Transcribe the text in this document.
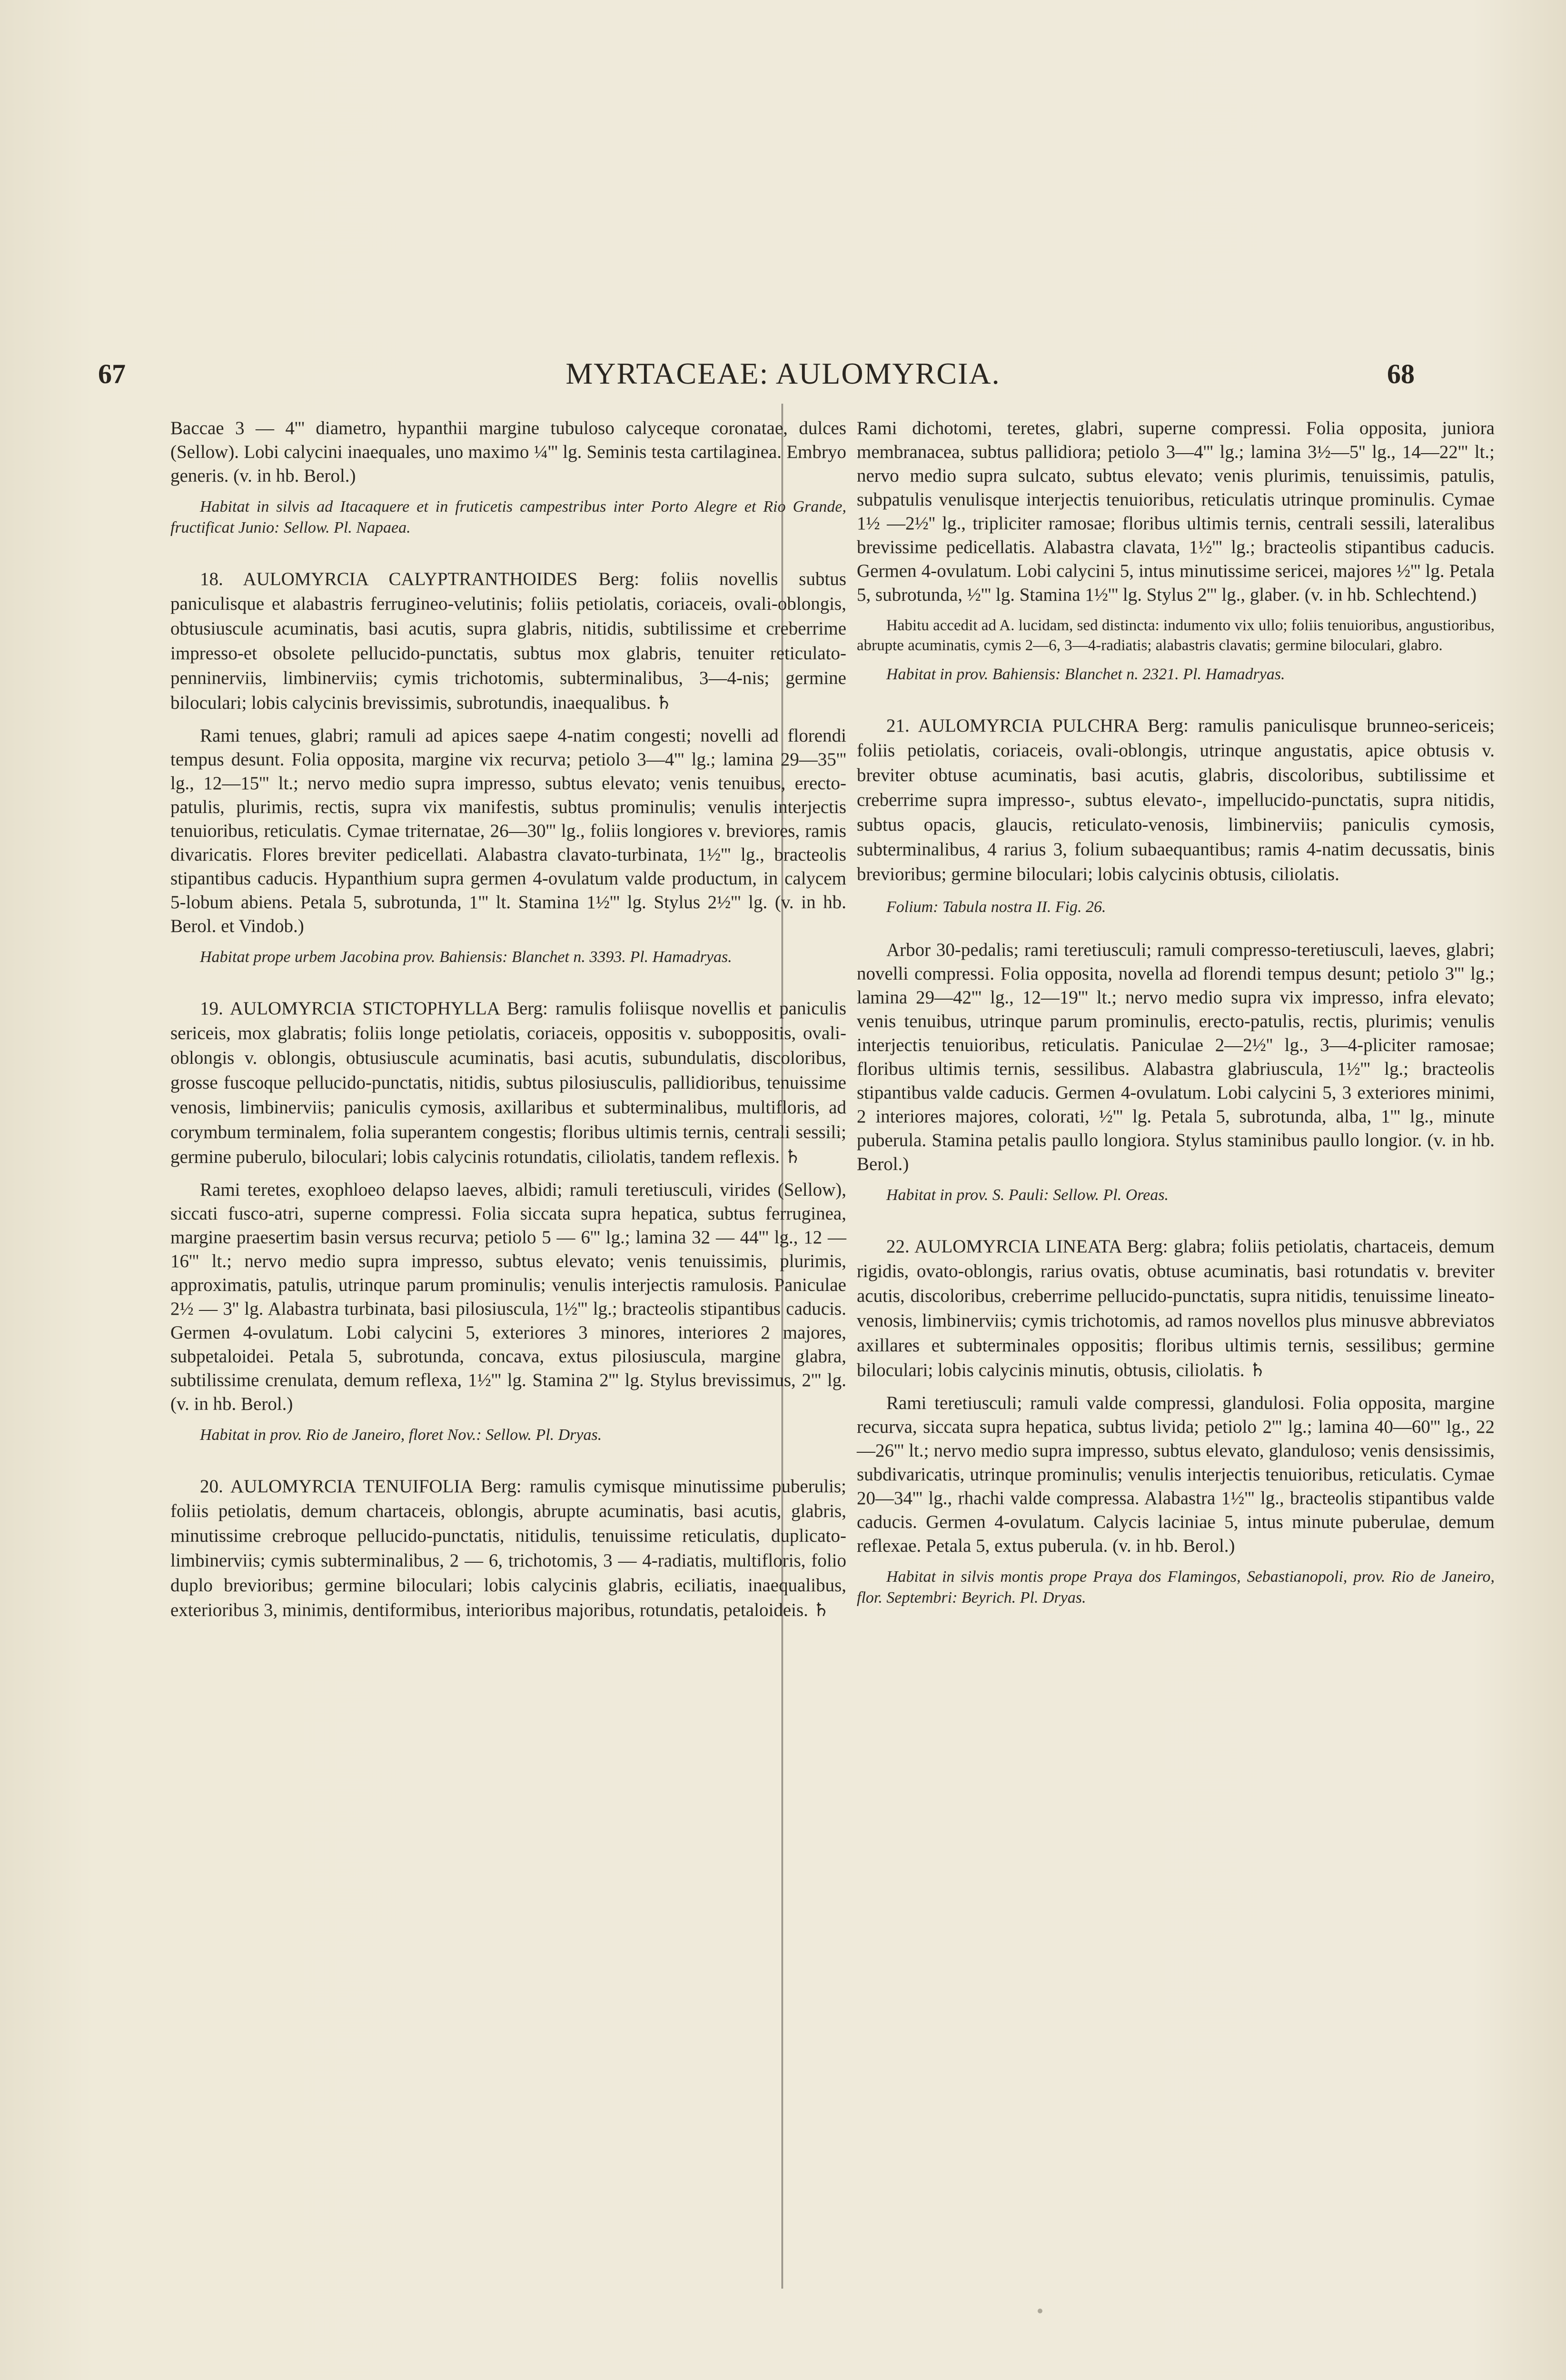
67	MYRTACEAE: AULOMYRCIA.	68

Baccae 3 — 4''' diametro, hypanthii margine tubuloso calyceque coronatae, dulces (Sellow). Lobi calycini inaequales, uno maximo ¼''' lg. Seminis testa cartilaginea. Embryo generis. (v. in hb. Berol.)

Habitat in silvis ad Itacaquere et in fruticetis campestribus inter Porto Alegre et Rio Grande, fructificat Junio: Sellow. Pl. Napaea.

18. AULOMYRCIA CALYPTRANTHOIDES Berg: foliis novellis subtus paniculisque et alabastris ferrugineo-velutinis; foliis petiolatis, coriaceis, ovali-oblongis, obtusiuscule acuminatis, basi acutis, supra glabris, nitidis, subtilissime et creberrime impresso-et obsolete pellucido-punctatis, subtus mox glabris, tenuiter reticulato-penninerviis, limbinerviis; cymis trichotomis, subterminalibus, 3—4-nis; germine biloculari; lobis calycinis brevissimis, subrotundis, inaequalibus. ♄

Rami tenues, glabri; ramuli ad apices saepe 4-natim congesti; novelli ad florendi tempus desunt. Folia opposita, margine vix recurva; petiolo 3—4''' lg.; lamina 29—35''' lg., 12—15''' lt.; nervo medio supra impresso, subtus elevato; venis tenuibus, erecto-patulis, plurimis, rectis, supra vix manifestis, subtus prominulis; venulis interjectis tenuioribus, reticulatis. Cymae triternatae, 26—30''' lg., foliis longiores v. breviores, ramis divaricatis. Flores breviter pedicellati. Alabastra clavato-turbinata, 1½''' lg., bracteolis stipantibus caducis. Hypanthium supra germen 4-ovulatum valde productum, in calycem 5-lobum abiens. Petala 5, subrotunda, 1''' lt. Stamina 1½''' lg. Stylus 2½''' lg. (v. in hb. Berol. et Vindob.)

Habitat prope urbem Jacobina prov. Bahiensis: Blanchet n. 3393. Pl. Hamadryas.

19. AULOMYRCIA STICTOPHYLLA Berg: ramulis foliisque novellis et paniculis sericeis, mox glabratis; foliis longe petiolatis, coriaceis, oppositis v. subоppositis, ovali-oblongis v. oblongis, obtusiuscule acuminatis, basi acutis, subundulatis, discoloribus, grosse fuscoque pellucido-punctatis, nitidis, subtus pilosiusculis, pallidioribus, tenuissime venosis, limbinerviis; paniculis cymosis, axillaribus et subterminalibus, multifloris, ad corymbum terminalem, folia superantem congestis; floribus ultimis ternis, centrali sessili; germine puberulo, biloculari; lobis calycinis rotundatis, ciliolatis, tandem reflexis. ♄

Rami teretes, exophloeo delapso laeves, albidi; ramuli teretiusculi, virides (Sellow), siccati fusco-atri, superne compressi. Folia siccata supra hepatica, subtus ferruginea, margine praesertim basin versus recurva; petiolo 5 — 6''' lg.; lamina 32 — 44''' lg., 12 — 16''' lt.; nervo medio supra impresso, subtus elevato; venis tenuissimis, plurimis, approximatis, patulis, utrinque parum prominulis; venulis interjectis ramulosis. Paniculae 2½ — 3'' lg. Alabastra turbinata, basi pilosiuscula, 1½''' lg.; bracteolis stipantibus caducis. Germen 4-ovulatum. Lobi calycini 5, exteriores 3 minores, interiores 2 majores, subpetaloidei. Petala 5, subrotunda, concava, extus pilosiuscula, margine glabra, subtilissime crenulata, demum reflexa, 1½''' lg. Stamina 2''' lg. Stylus brevissimus, 2''' lg. (v. in hb. Berol.)

Habitat in prov. Rio de Janeiro, floret Nov.: Sellow. Pl. Dryas.

20. AULOMYRCIA TENUIFOLIA Berg: ramulis cymisque minutissime puberulis; foliis petiolatis, demum chartaceis, oblongis, abrupte acuminatis, basi acutis, glabris, minutissime crebroque pellucido-punctatis, nitidulis, tenuissime reticulatis, duplicato-limbinerviis; cymis subterminalibus, 2 — 6, trichotomis, 3 — 4-radiatis, multifloris, folio duplo brevioribus; germine biloculari; lobis calycinis glabris, eciliatis, inaequalibus, exterioribus 3, minimis, dentiformibus, interioribus majoribus, rotundatis, petaloideis. ♄

Rami dichotomi, teretes, glabri, superne compressi. Folia opposita, juniora membranacea, subtus pallidiora; petiolo 3—4''' lg.; lamina 3½—5'' lg., 14—22''' lt.; nervo medio supra sulcato, subtus elevato; venis plurimis, tenuissimis, patulis, subpatulis venulisque interjectis tenuioribus, reticulatis utrinque prominulis. Cymae 1½ —2½'' lg., tripliciter ramosae; floribus ultimis ternis, centrali sessili, lateralibus brevissime pedicellatis. Alabastra clavata, 1½''' lg.; bracteolis stipantibus caducis. Germen 4-ovulatum. Lobi calycini 5, intus minutissime sericei, majores ½''' lg. Petala 5, subrotunda, ½''' lg. Stamina 1½''' lg. Stylus 2''' lg., glaber. (v. in hb. Schlechtend.)

Habitu accedit ad A. lucidam, sed distincta: indumento vix ullo; foliis tenuioribus, angustioribus, abrupte acuminatis, cymis 2—6, 3—4-radiatis; alabastris clavatis; germine biloculari, glabro.

Habitat in prov. Bahiensis: Blanchet n. 2321. Pl. Hamadryas.

21. AULOMYRCIA PULCHRA Berg: ramulis paniculisque brunneo-sericeis; foliis petiolatis, coriaceis, ovali-oblongis, utrinque angustatis, apice obtusis v. breviter obtuse acuminatis, basi acutis, glabris, discoloribus, subtilissime et creberrime supra impresso-, subtus elevato-, impellucido-punctatis, supra nitidis, subtus opacis, glaucis, reticulato-venosis, limbinerviis; paniculis cymosis, subterminalibus, 4 rarius 3, folium subaequantibus; ramis 4-natim decussatis, binis brevioribus; germine biloculari; lobis calycinis obtusis, ciliolatis.

Folium: Tabula nostra II. Fig. 26.

Arbor 30-pedalis; rami teretiusculi; ramuli compresso-teretiusculi, laeves, glabri; novelli compressi. Folia opposita, novella ad florendi tempus desunt; petiolo 3''' lg.; lamina 29—42''' lg., 12—19''' lt.; nervo medio supra vix impresso, infra elevato; venis tenuibus, utrinque parum prominulis, erecto-patulis, rectis, plurimis; venulis interjectis tenuioribus, reticulatis. Paniculae 2—2½'' lg., 3—4-pliciter ramosae; floribus ultimis ternis, sessilibus. Alabastra glabriuscula, 1½''' lg.; bracteolis stipantibus valde caducis. Germen 4-ovulatum. Lobi calycini 5, 3 exteriores minimi, 2 interiores majores, colorati, ½''' lg. Petala 5, subrotunda, alba, 1''' lg., minute puberula. Stamina petalis paullo longiora. Stylus staminibus paullo longior. (v. in hb. Berol.)

Habitat in prov. S. Pauli: Sellow. Pl. Oreas.

22. AULOMYRCIA LINEATA Berg: glabra; foliis petiolatis, chartaceis, demum rigidis, ovato-oblongis, rarius ovatis, obtuse acuminatis, basi rotundatis v. breviter acutis, discoloribus, creberrime pellucido-punctatis, supra nitidis, tenuissime lineato-venosis, limbinerviis; cymis trichotomis, ad ramos novellos plus minusve abbreviatos axillares et subterminales oppositis; floribus ultimis ternis, sessilibus; germine biloculari; lobis calycinis minutis, obtusis, ciliolatis. ♄

Rami teretiusculi; ramuli valde compressi, glandulosi. Folia opposita, margine recurva, siccata supra hepatica, subtus livida; petiolo 2''' lg.; lamina 40—60''' lg., 22—26''' lt.; nervo medio supra impresso, subtus elevato, glanduloso; venis densissimis, subdivaricatis, utrinque prominulis; venulis interjectis tenuioribus, reticulatis. Cymae 20—34''' lg., rhachi valde compressa. Alabastra 1½''' lg., bracteolis stipantibus valde caducis. Germen 4-ovulatum. Calycis laciniae 5, intus minute puberulae, demum reflexae. Petala 5, extus puberula. (v. in hb. Berol.)

Habitat in silvis montis prope Praya dos Flamingos, Sebastianopoli, prov. Rio de Janeiro, flor. Septembri: Beyrich. Pl. Dryas.
